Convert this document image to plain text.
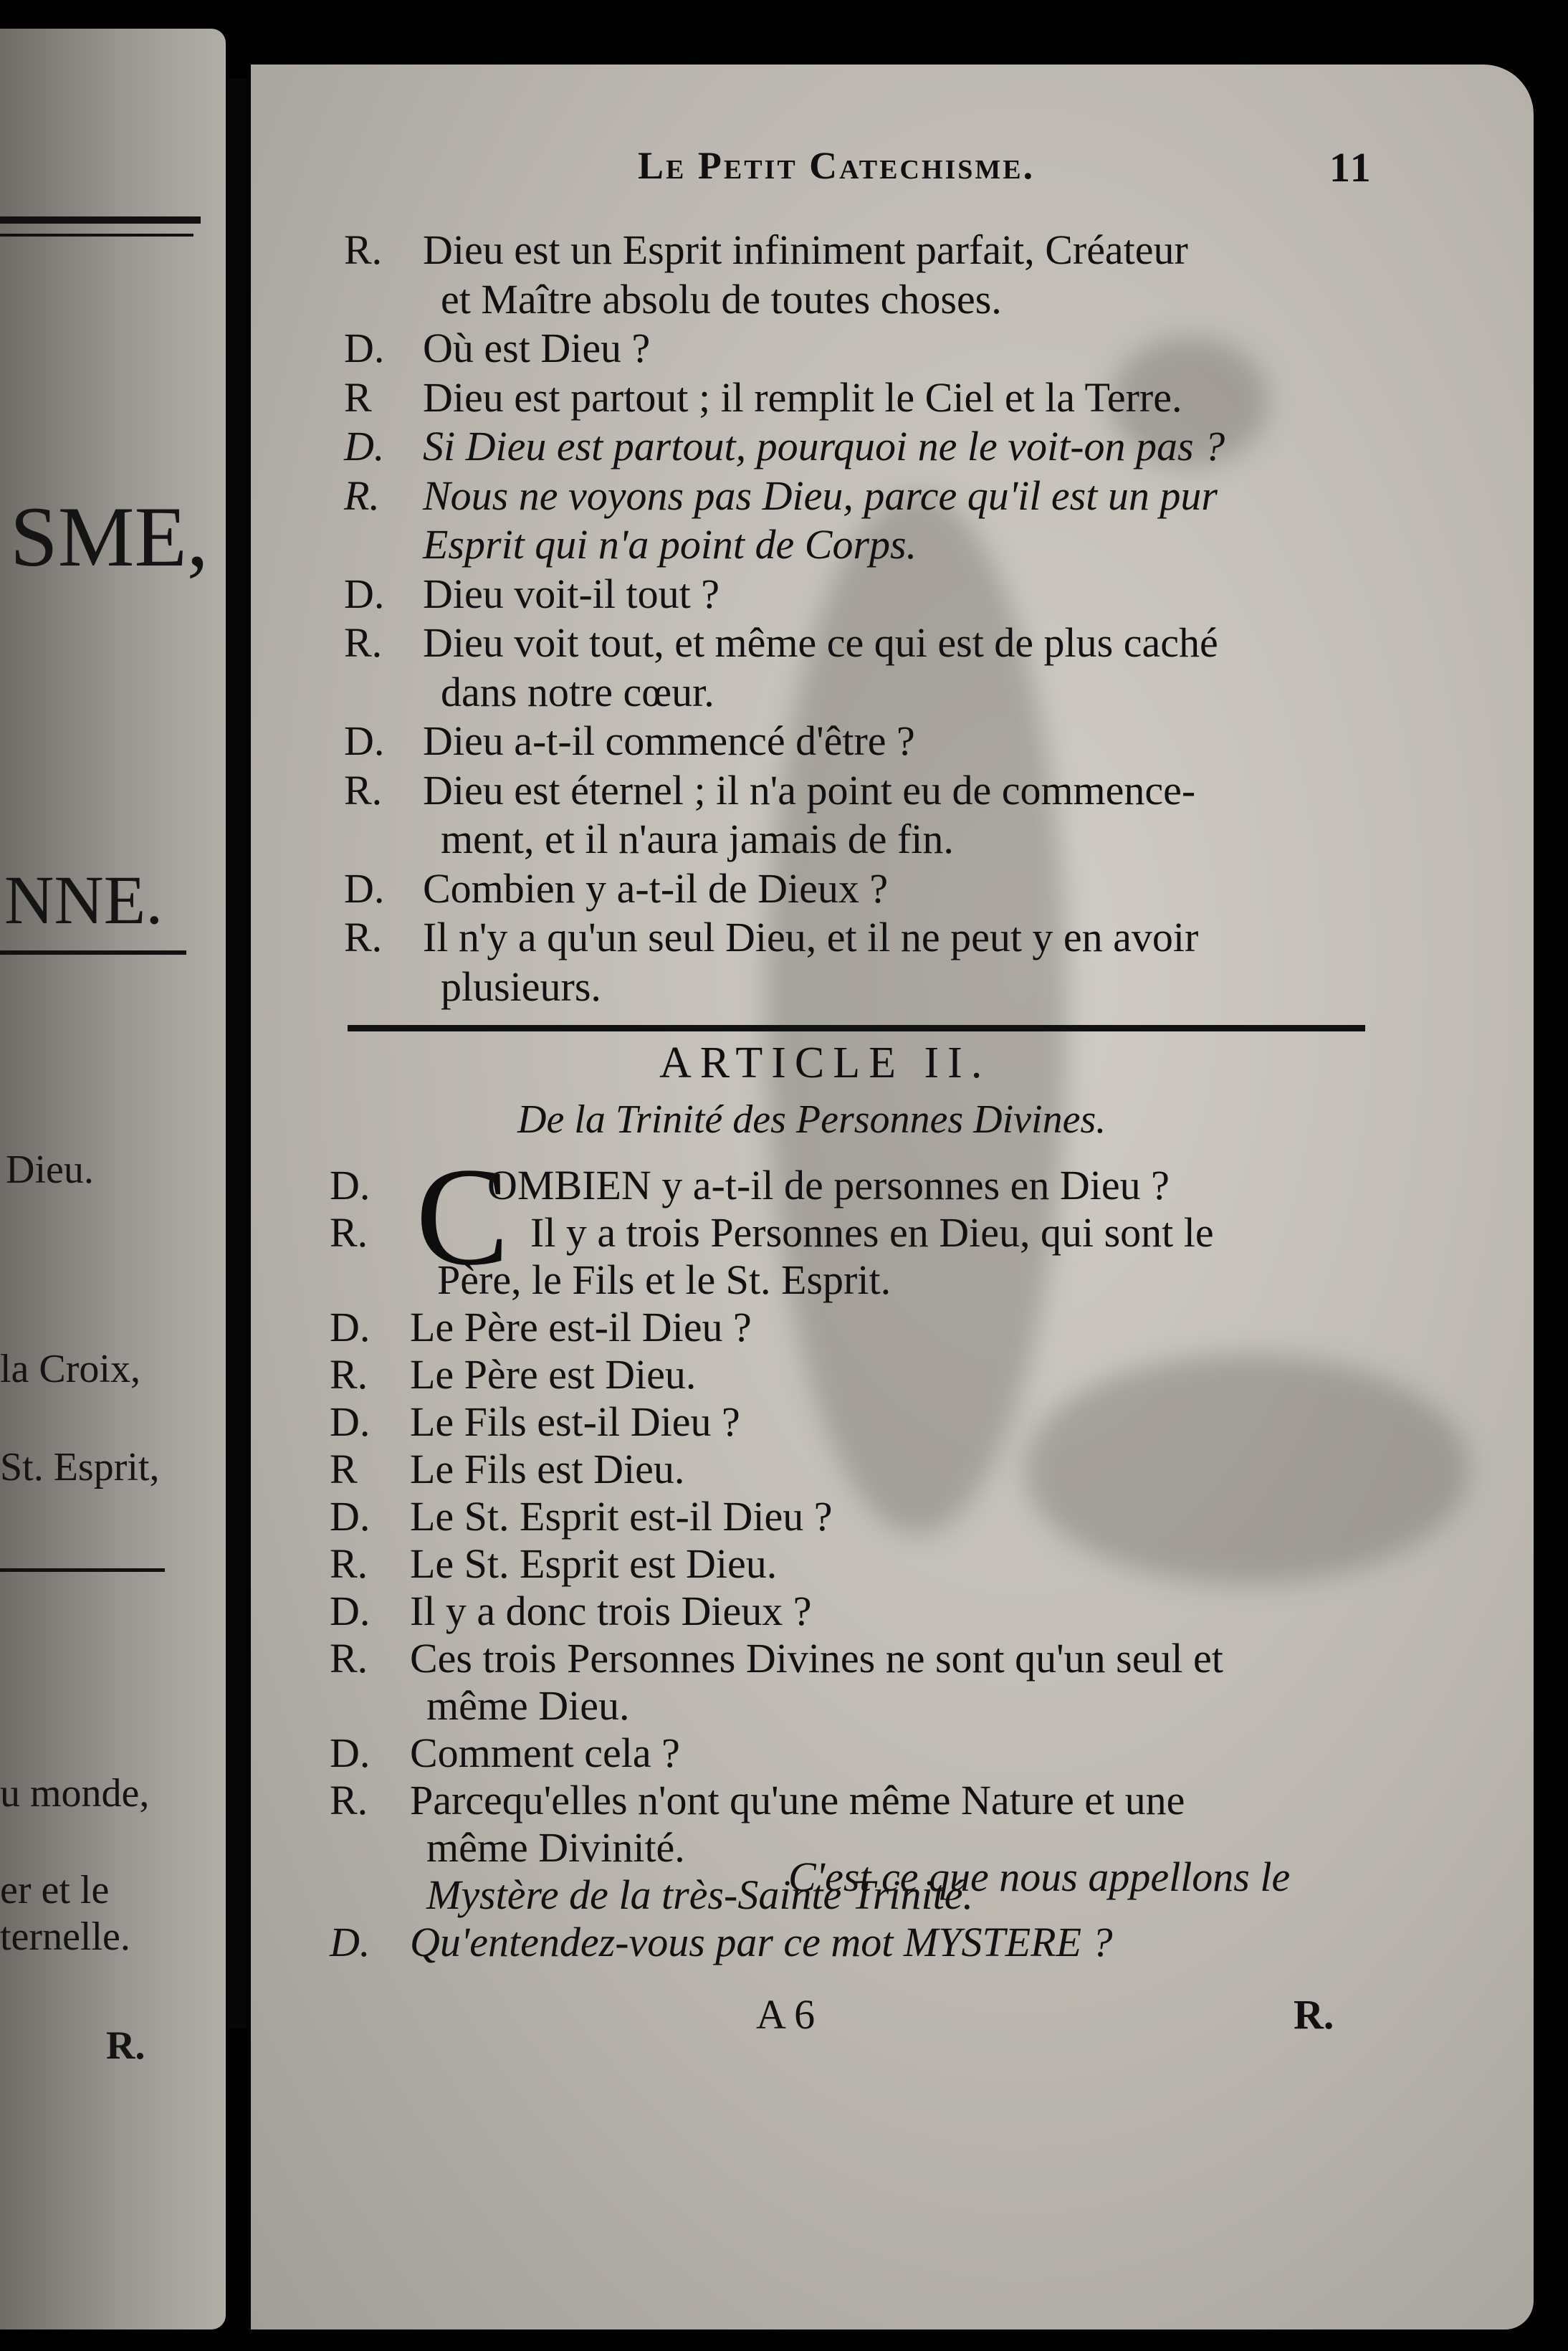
SME,
NNE.
Dieu.
la Croix,
St. Esprit,
u monde,
er et le
ternelle.
R.
Le Petit Catechisme.	11
R. Dieu est un Esprit infiniment parfait, Créateur
et Maître absolu de toutes choses.
D. Où est Dieu ?
R Dieu est partout ; il remplit le Ciel et la Terre.
D. Si Dieu est partout, pourquoi ne le voit-on pas ?
R. Nous ne voyons pas Dieu, parce qu'il est un pur
Esprit qui n'a point de Corps.
D. Dieu voit-il tout ?
R. Dieu voit tout, et même ce qui est de plus caché
dans notre cœur.
D. Dieu a-t-il commencé d'être ?
R. Dieu est éternel ; il n'a point eu de commence-
ment, et il n'aura jamais de fin.
D. Combien y a-t-il de Dieux ?
R. Il n'y a qu'un seul Dieu, et il ne peut y en avoir
plusieurs.
ARTICLE II.
De la Trinité des Personnes Divines.
C
D.	OMBIEN y a-t-il de personnes en Dieu ?
R.	Il y a trois Personnes en Dieu, qui sont le
Père, le Fils et le St. Esprit.
D. Le Père est-il Dieu ?
R. Le Père est Dieu.
D. Le Fils est-il Dieu ?
R Le Fils est Dieu.
D. Le St. Esprit est-il Dieu ?
R. Le St. Esprit est Dieu.
D. Il y a donc trois Dieux ?
R. Ces trois Personnes Divines ne sont qu'un seul et
même Dieu.
D. Comment cela ?
R. Parcequ'elles n'ont qu'une même Nature et une
même Divinité.
Mystère de la très-Sainte Trinité.
D. Qu'entendez-vous par ce mot MYSTERE ?
C'est ce que nous appellons le
A 6	R.
